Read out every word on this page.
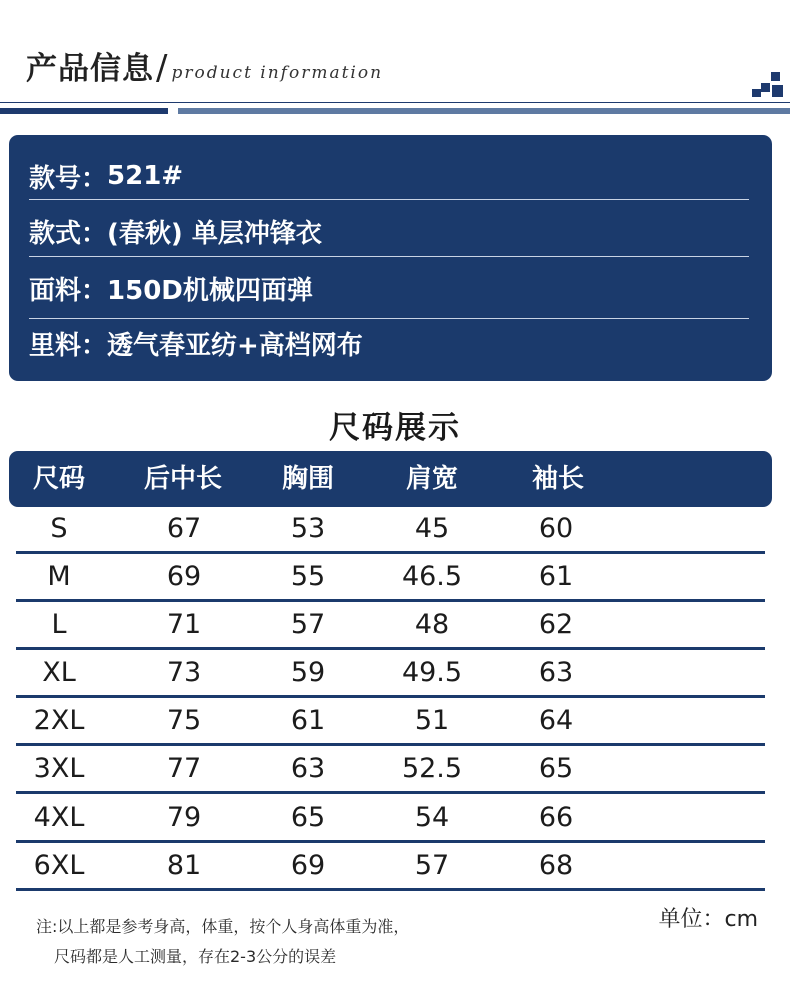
产品信息 / product information
款号： 521#
款式： (春秋) 单层冲锋衣
面料： 150D机械四面弹
里料： 透气春亚纺+高档网布
尺码展示
尺码	后中长	胸围	肩宽	袖长
S	67	53	45	60
M	69	55	46.5	61
L	71	57	48	62
XL	73	59	49.5	63
2XL	75	61	51	64
3XL	77	63	52.5	65
4XL	79	65	54	66
6XL	81	69	57	68
注:以上都是参考身高，体重，按个人身高体重为准，
尺码都是人工测量，存在2-3公分的误差
单位：cm
